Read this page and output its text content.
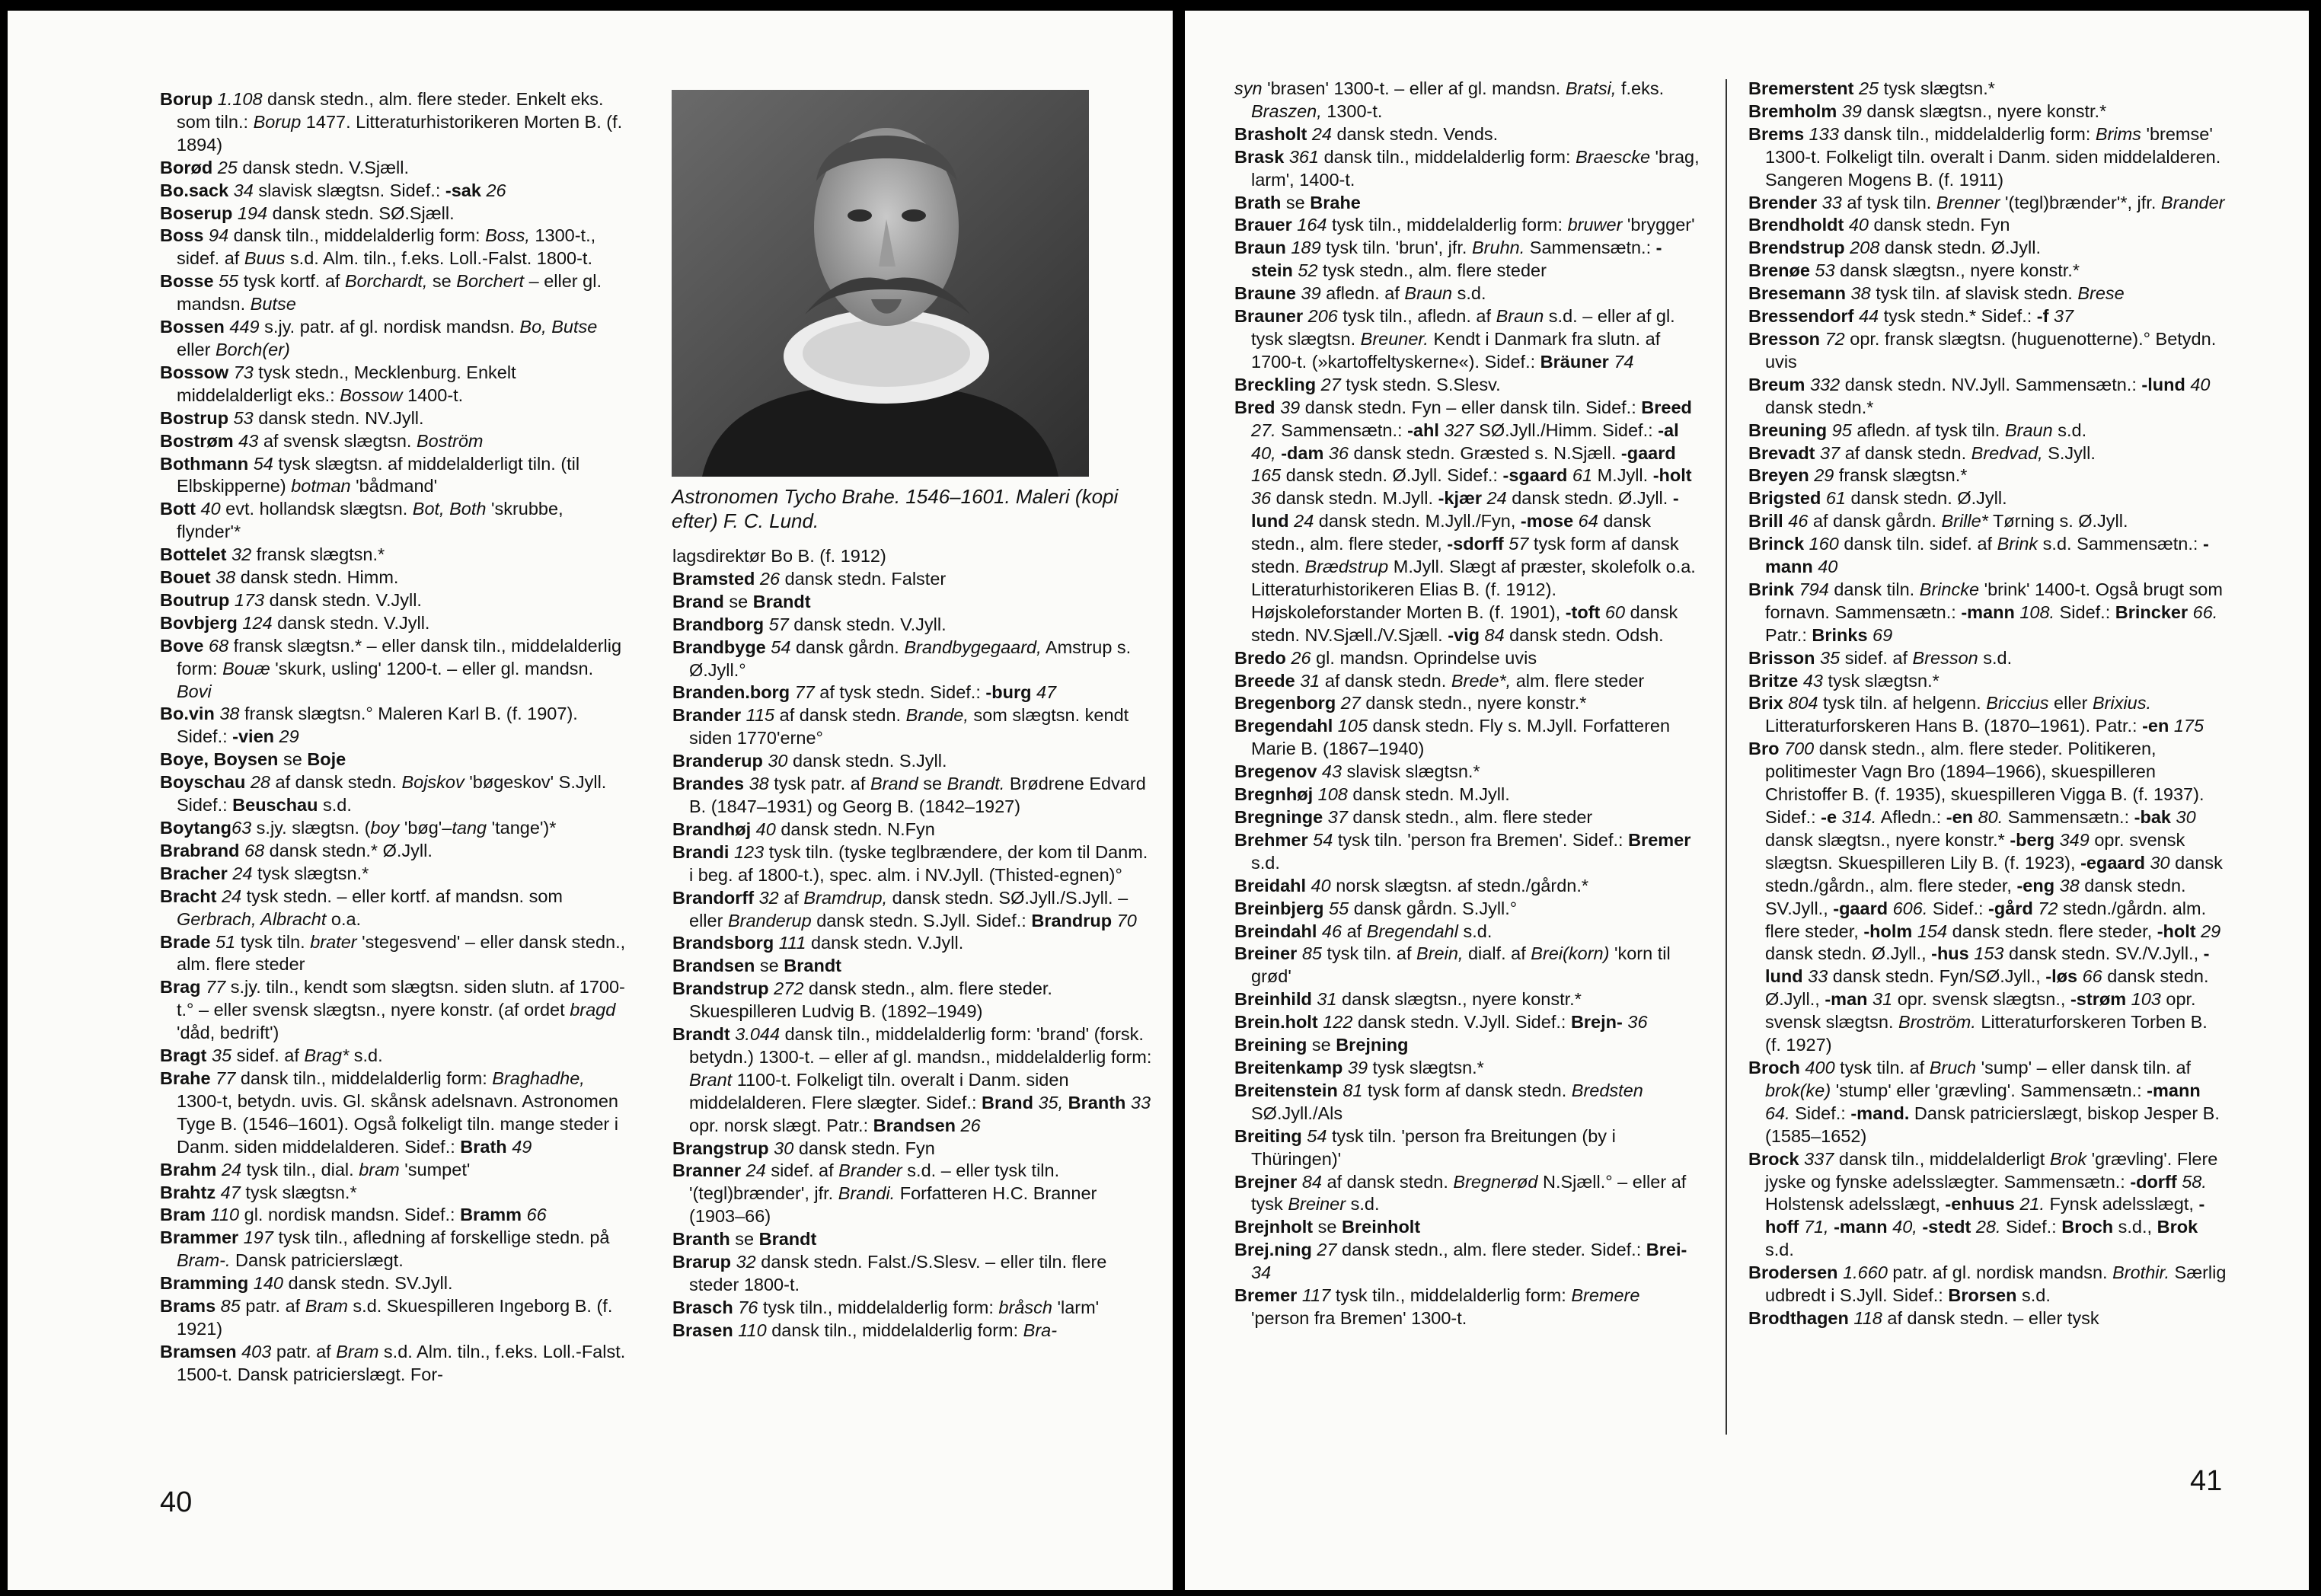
Borup 1.108 dansk stedn., alm. flere steder. Enkelt eks. som tiln.: Borup 1477. Litteraturhistorikeren Morten B. (f. 1894)
Borød 25 dansk stedn. V.Sjæll.
Bo.sack 34 slavisk slægtsn. Sidef.: -sak 26
Boserup 194 dansk stedn. SØ.Sjæll.
Boss 94 dansk tiln., middelalderlig form: Boss, 1300-t., sidef. af Buus s.d. Alm. tiln., f.eks. Loll.-Falst. 1800-t.
Bosse 55 tysk kortf. af Borchardt, se Borchert – eller gl. mandsn. Butse
Bossen 449 s.jy. patr. af gl. nordisk mandsn. Bo, Butse eller Borch(er)
Bossow 73 tysk stedn., Mecklenburg. Enkelt middelalderligt eks.: Bossow 1400-t.
Bostrup 53 dansk stedn. NV.Jyll.
Bostrøm 43 af svensk slægtsn. Boström
Bothmann 54 tysk slægtsn. af middelalderligt tiln. (til Elbskipperne) botman 'bådmand'
Bott 40 evt. hollandsk slægtsn. Bot, Both 'skrubbe, flynder'*
Bottelet 32 fransk slægtsn.*
Bouet 38 dansk stedn. Himm.
Boutrup 173 dansk stedn. V.Jyll.
Bovbjerg 124 dansk stedn. V.Jyll.
Bove 68 fransk slægtsn.* – eller dansk tiln., middelalderlig form: Bouæ 'skurk, usling' 1200-t. – eller gl. mandsn. Bovi
Bo.vin 38 fransk slægtsn.° Maleren Karl B. (f. 1907). Sidef.: -vien 29
Boye, Boysen se Boje
Boyschau 28 af dansk stedn. Bojskov 'bøgeskov' S.Jyll. Sidef.: Beuschau s.d.
Boytang63 s.jy. slægtsn. (boy 'bøg'–tang 'tange')*
Brabrand 68 dansk stedn.* Ø.Jyll.
Bracher 24 tysk slægtsn.*
Bracht 24 tysk stedn. – eller kortf. af mandsn. som Gerbrach, Albracht o.a.
Brade 51 tysk tiln. brater 'stegesvend' – eller dansk stedn., alm. flere steder
Brag 77 s.jy. tiln., kendt som slægtsn. siden slutn. af 1700-t.° – eller svensk slægtsn., nyere konstr. (af ordet bragd 'dåd, bedrift')
Bragt 35 sidef. af Brag* s.d.
Brahe 77 dansk tiln., middelalderlig form: Braghadhe, 1300-t, betydn. uvis. Gl. skånsk adelsnavn. Astronomen Tyge B. (1546–1601). Også folkeligt tiln. mange steder i Danm. siden middelalderen. Sidef.: Brath 49
Brahm 24 tysk tiln., dial. bram 'sumpet'
Brahtz 47 tysk slægtsn.*
Bram 110 gl. nordisk mandsn. Sidef.: Bramm 66
Brammer 197 tysk tiln., afledning af forskellige stedn. på Bram-. Dansk patricierslægt.
Bramming 140 dansk stedn. SV.Jyll.
Brams 85 patr. af Bram s.d. Skuespilleren Ingeborg B. (f. 1921)
Bramsen 403 patr. af Bram s.d. Alm. tiln., f.eks. Loll.-Falst. 1500-t. Dansk patricierslægt. For-
Astronomen Tycho Brahe. 1546–1601. Maleri (kopi efter) F. C. Lund.
lagsdirektør Bo B. (f. 1912)
Bramsted 26 dansk stedn. Falster
Brand se Brandt
Brandborg 57 dansk stedn. V.Jyll.
Brandbyge 54 dansk gårdn. Brandbygegaard, Amstrup s. Ø.Jyll.°
Branden.borg 77 af tysk stedn. Sidef.: -burg 47
Brander 115 af dansk stedn. Brande, som slægtsn. kendt siden 1770'erne°
Branderup 30 dansk stedn. S.Jyll.
Brandes 38 tysk patr. af Brand se Brandt. Brødrene Edvard B. (1847–1931) og Georg B. (1842–1927)
Brandhøj 40 dansk stedn. N.Fyn
Brandi 123 tysk tiln. (tyske teglbrændere, der kom til Danm. i beg. af 1800-t.), spec. alm. i NV.Jyll. (Thisted-egnen)°
Brandorff 32 af Bramdrup, dansk stedn. SØ.Jyll./S.Jyll. – eller Branderup dansk stedn. S.Jyll. Sidef.: Brandrup 70
Brandsborg 111 dansk stedn. V.Jyll.
Brandsen se Brandt
Brandstrup 272 dansk stedn., alm. flere steder. Skuespilleren Ludvig B. (1892–1949)
Brandt 3.044 dansk tiln., middelalderlig form: 'brand' (forsk. betydn.) 1300-t. – eller af gl. mandsn., middelalderlig form: Brant 1100-t. Folkeligt tiln. overalt i Danm. siden middelalderen. Flere slægter. Sidef.: Brand 35, Branth 33 opr. norsk slægt. Patr.: Brandsen 26
Brangstrup 30 dansk stedn. Fyn
Branner 24 sidef. af Brander s.d. – eller tysk tiln. '(tegl)brænder', jfr. Brandi. Forfatteren H.C. Branner (1903–66)
Branth se Brandt
Brarup 32 dansk stedn. Falst./S.Slesv. – eller tiln. flere steder 1800-t.
Brasch 76 tysk tiln., middelalderlig form: bråsch 'larm'
Brasen 110 dansk tiln., middelalderlig form: Bra-
40
syn 'brasen' 1300-t. – eller af gl. mandsn. Bratsi, f.eks. Braszen, 1300-t.
Brasholt 24 dansk stedn. Vends.
Brask 361 dansk tiln., middelalderlig form: Braescke 'brag, larm', 1400-t.
Brath se Brahe
Brauer 164 tysk tiln., middelalderlig form: bruwer 'brygger'
Braun 189 tysk tiln. 'brun', jfr. Bruhn. Sammensætn.: -stein 52 tysk stedn., alm. flere steder
Braune 39 afledn. af Braun s.d.
Brauner 206 tysk tiln., afledn. af Braun s.d. – eller af gl. tysk slægtsn. Breuner. Kendt i Danmark fra slutn. af 1700-t. (»kartoffeltyskerne«). Sidef.: Bräuner 74
Breckling 27 tysk stedn. S.Slesv.
Bred 39 dansk stedn. Fyn – eller dansk tiln. Sidef.: Breed 27. Sammensætn.: -ahl 327 SØ.Jyll./Himm. Sidef.: -al 40, -dam 36 dansk stedn. Græsted s. N.Sjæll. -gaard 165 dansk stedn. Ø.Jyll. Sidef.: -sgaard 61 M.Jyll. -holt 36 dansk stedn. M.Jyll. -kjær 24 dansk stedn. Ø.Jyll. -lund 24 dansk stedn. M.Jyll./Fyn, -mose 64 dansk stedn., alm. flere steder, -sdorff 57 tysk form af dansk stedn. Brædstrup M.Jyll. Slægt af præster, skolefolk o.a. Litteraturhistorikeren Elias B. (f. 1912). Højskoleforstander Morten B. (f. 1901), -toft 60 dansk stedn. NV.Sjæll./V.Sjæll. -vig 84 dansk stedn. Odsh.
Bredo 26 gl. mandsn. Oprindelse uvis
Breede 31 af dansk stedn. Brede*, alm. flere steder
Bregenborg 27 dansk stedn., nyere konstr.*
Bregendahl 105 dansk stedn. Fly s. M.Jyll. Forfatteren Marie B. (1867–1940)
Bregenov 43 slavisk slægtsn.*
Bregnhøj 108 dansk stedn. M.Jyll.
Bregninge 37 dansk stedn., alm. flere steder
Brehmer 54 tysk tiln. 'person fra Bremen'. Sidef.: Bremer s.d.
Breidahl 40 norsk slægtsn. af stedn./gårdn.*
Breinbjerg 55 dansk gårdn. S.Jyll.°
Breindahl 46 af Bregendahl s.d.
Breiner 85 tysk tiln. af Brein, dialf. af Brei(korn) 'korn til grød'
Breinhild 31 dansk slægtsn., nyere konstr.*
Brein.holt 122 dansk stedn. V.Jyll. Sidef.: Brejn- 36
Breining se Brejning
Breitenkamp 39 tysk slægtsn.*
Breitenstein 81 tysk form af dansk stedn. Bredsten SØ.Jyll./Als
Breiting 54 tysk tiln. 'person fra Breitungen (by i Thüringen)'
Brejner 84 af dansk stedn. Bregnerød N.Sjæll.° – eller af tysk Breiner s.d.
Brejnholt se Breinholt
Brej.ning 27 dansk stedn., alm. flere steder. Sidef.: Brei- 34
Bremer 117 tysk tiln., middelalderlig form: Bremere 'person fra Bremen' 1300-t.
Bremerstent 25 tysk slægtsn.*
Bremholm 39 dansk slægtsn., nyere konstr.*
Brems 133 dansk tiln., middelalderlig form: Brims 'bremse' 1300-t. Folkeligt tiln. overalt i Danm. siden middelalderen. Sangeren Mogens B. (f. 1911)
Brender 33 af tysk tiln. Brenner '(tegl)brænder'*, jfr. Brander
Brendholdt 40 dansk stedn. Fyn
Brendstrup 208 dansk stedn. Ø.Jyll.
Brenøe 53 dansk slægtsn., nyere konstr.*
Bresemann 38 tysk tiln. af slavisk stedn. Brese
Bressendorf 44 tysk stedn.* Sidef.: -f 37
Bresson 72 opr. fransk slægtsn. (huguenotterne).° Betydn. uvis
Breum 332 dansk stedn. NV.Jyll. Sammensætn.: -lund 40 dansk stedn.*
Breuning 95 afledn. af tysk tiln. Braun s.d.
Brevadt 37 af dansk stedn. Bredvad, S.Jyll.
Breyen 29 fransk slægtsn.*
Brigsted 61 dansk stedn. Ø.Jyll.
Brill 46 af dansk gårdn. Brille* Tørning s. Ø.Jyll.
Brinck 160 dansk tiln. sidef. af Brink s.d. Sammensætn.: -mann 40
Brink 794 dansk tiln. Brincke 'brink' 1400-t. Også brugt som fornavn. Sammensætn.: -mann 108. Sidef.: Brincker 66. Patr.: Brinks 69
Brisson 35 sidef. af Bresson s.d.
Britze 43 tysk slægtsn.*
Brix 804 tysk tiln. af helgenn. Briccius eller Brixius. Litteraturforskeren Hans B. (1870–1961). Patr.: -en 175
Bro 700 dansk stedn., alm. flere steder. Politikeren, politimester Vagn Bro (1894–1966), skuespilleren Christoffer B. (f. 1935), skuespilleren Vigga B. (f. 1937). Sidef.: -e 314. Afledn.: -en 80. Sammensætn.: -bak 30 dansk slægtsn., nyere konstr.* -berg 349 opr. svensk slægtsn. Skuespilleren Lily B. (f. 1923), -egaard 30 dansk stedn./gårdn., alm. flere steder, -eng 38 dansk stedn. SV.Jyll., -gaard 606. Sidef.: -gård 72 stedn./gårdn. alm. flere steder, -holm 154 dansk stedn. flere steder, -holt 29 dansk stedn. Ø.Jyll., -hus 153 dansk stedn. SV./V.Jyll., -lund 33 dansk stedn. Fyn/SØ.Jyll., -løs 66 dansk stedn. Ø.Jyll., -man 31 opr. svensk slægtsn., -strøm 103 opr. svensk slægtsn. Broström. Litteraturforskeren Torben B. (f. 1927)
Broch 400 tysk tiln. af Bruch 'sump' – eller dansk tiln. af brok(ke) 'stump' eller 'grævling'. Sammensætn.: -mann 64. Sidef.: -mand. Dansk patricierslægt, biskop Jesper B. (1585–1652)
Brock 337 dansk tiln., middelalderligt Brok 'grævling'. Flere jyske og fynske adelsslægter. Sammensætn.: -dorff 58. Holstensk adelsslægt, -enhuus 21. Fynsk adelsslægt, -hoff 71, -mann 40, -stedt 28. Sidef.: Broch s.d., Brok s.d.
Brodersen 1.660 patr. af gl. nordisk mandsn. Brothir. Særlig udbredt i S.Jyll. Sidef.: Brorsen s.d.
Brodthagen 118 af dansk stedn. – eller tysk
41
